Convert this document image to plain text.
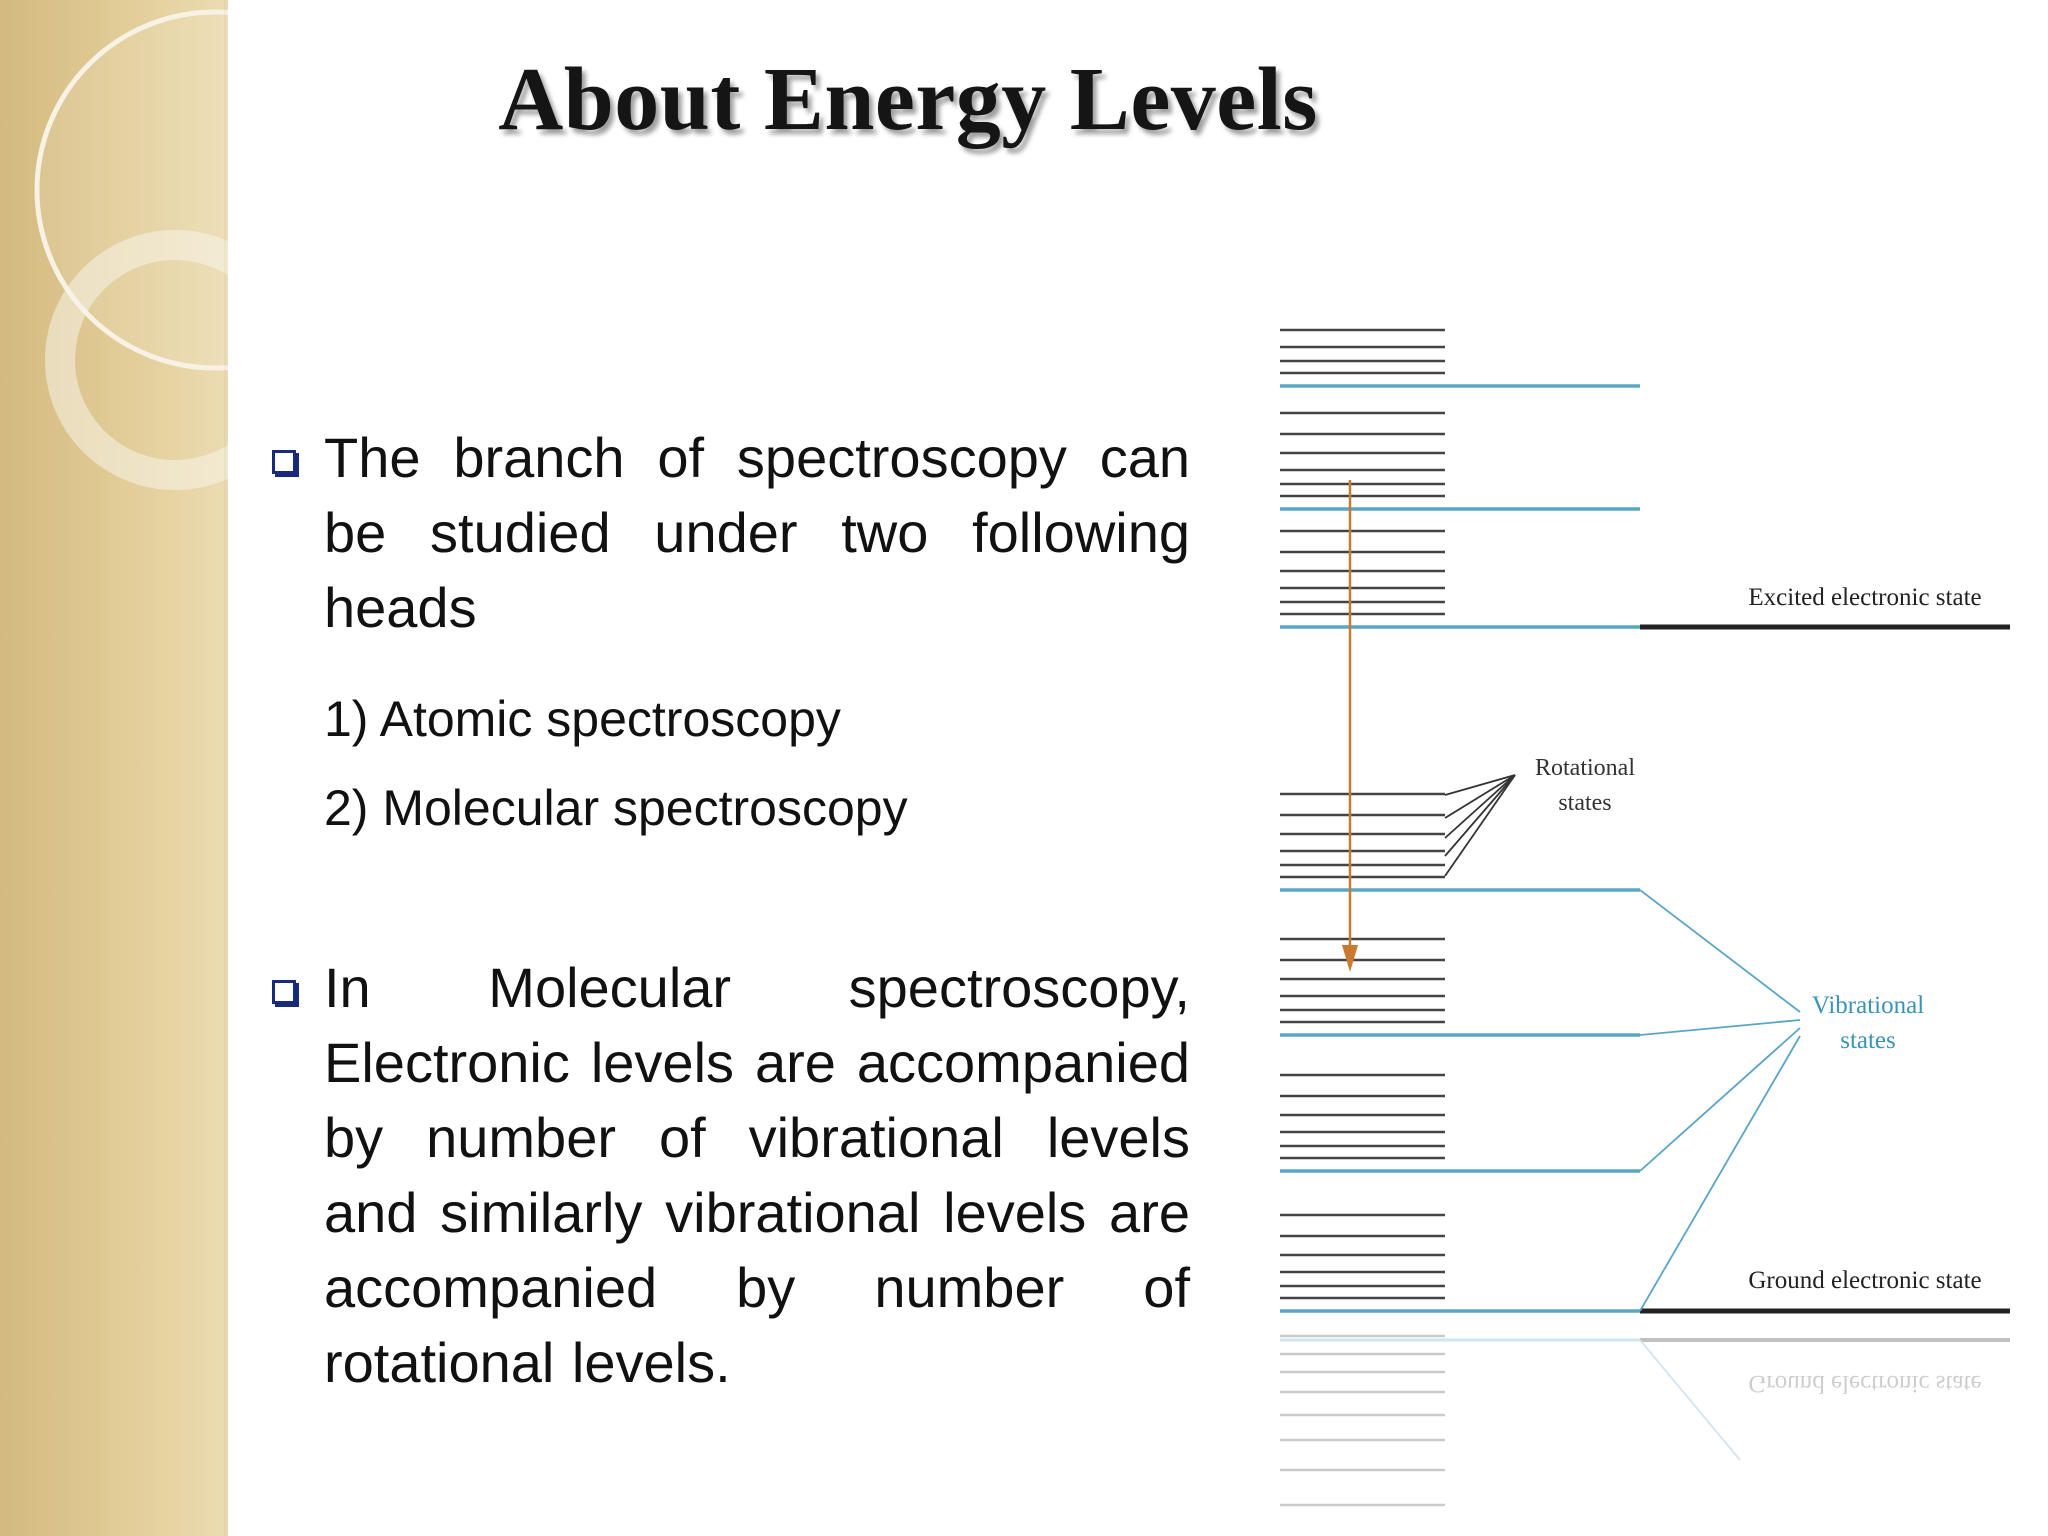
About Energy Levels

The branch of spectroscopy can be studied under two following heads

1) Atomic spectroscopy

2) Molecular spectroscopy

In Molecular spectroscopy, Electronic levels are accompanied by number of vibrational levels and similarly vibrational levels are accompanied by number of rotational levels.

Excited electronic state
Ground electronic state
Rotational
states
Vibrational
states
Ground electronic state
